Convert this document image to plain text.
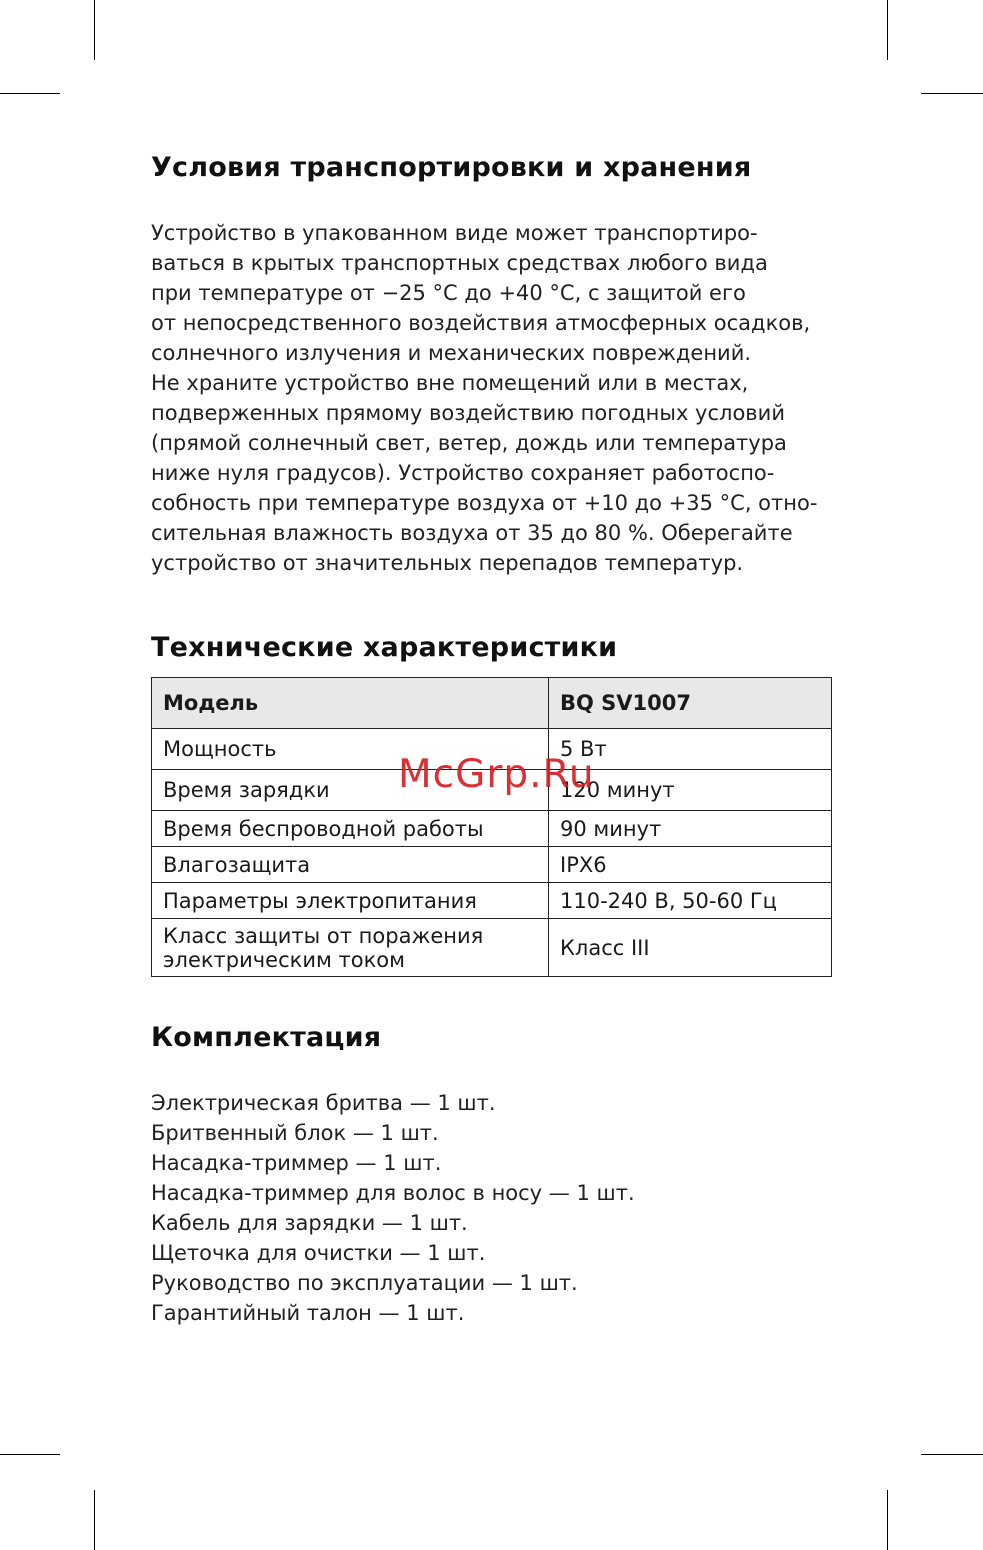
Условия транспортировки и хранения

Устройство в упакованном виде может транспортиро-
ваться в крытых транспортных средствах любого вида
при температуре от −25 °С до +40 °С, с защитой его
от непосредственного воздействия атмосферных осадков,
солнечного излучения и механических повреждений.
Не храните устройство вне помещений или в местах,
подверженных прямому воздействию погодных условий
(прямой солнечный свет, ветер, дождь или температура
ниже нуля градусов). Устройство сохраняет работоспо-
собность при температуре воздуха от +10 до +35 °С, отно-
сительная влажность воздуха от 35 до 80 %. Оберегайте
устройство от значительных перепадов температур.

Технические характеристики
Модель	BQ SV1007
Мощность	5 Вт
Время зарядки	120 минут
Время беспроводной работы	90 минут
Влагозащита	IPX6
Параметры электропитания	110-240 В, 50-60 Гц
Класс защиты от поражения электрическим током	Класс III
McGrp.Ru
Комплектация

Электрическая бритва — 1 шт.
Бритвенный блок — 1 шт.
Насадка-триммер — 1 шт.
Насадка-триммер для волос в носу — 1 шт.
Кабель для зарядки — 1 шт.
Щеточка для очистки — 1 шт.
Руководство по эксплуатации — 1 шт.
Гарантийный талон — 1 шт.
